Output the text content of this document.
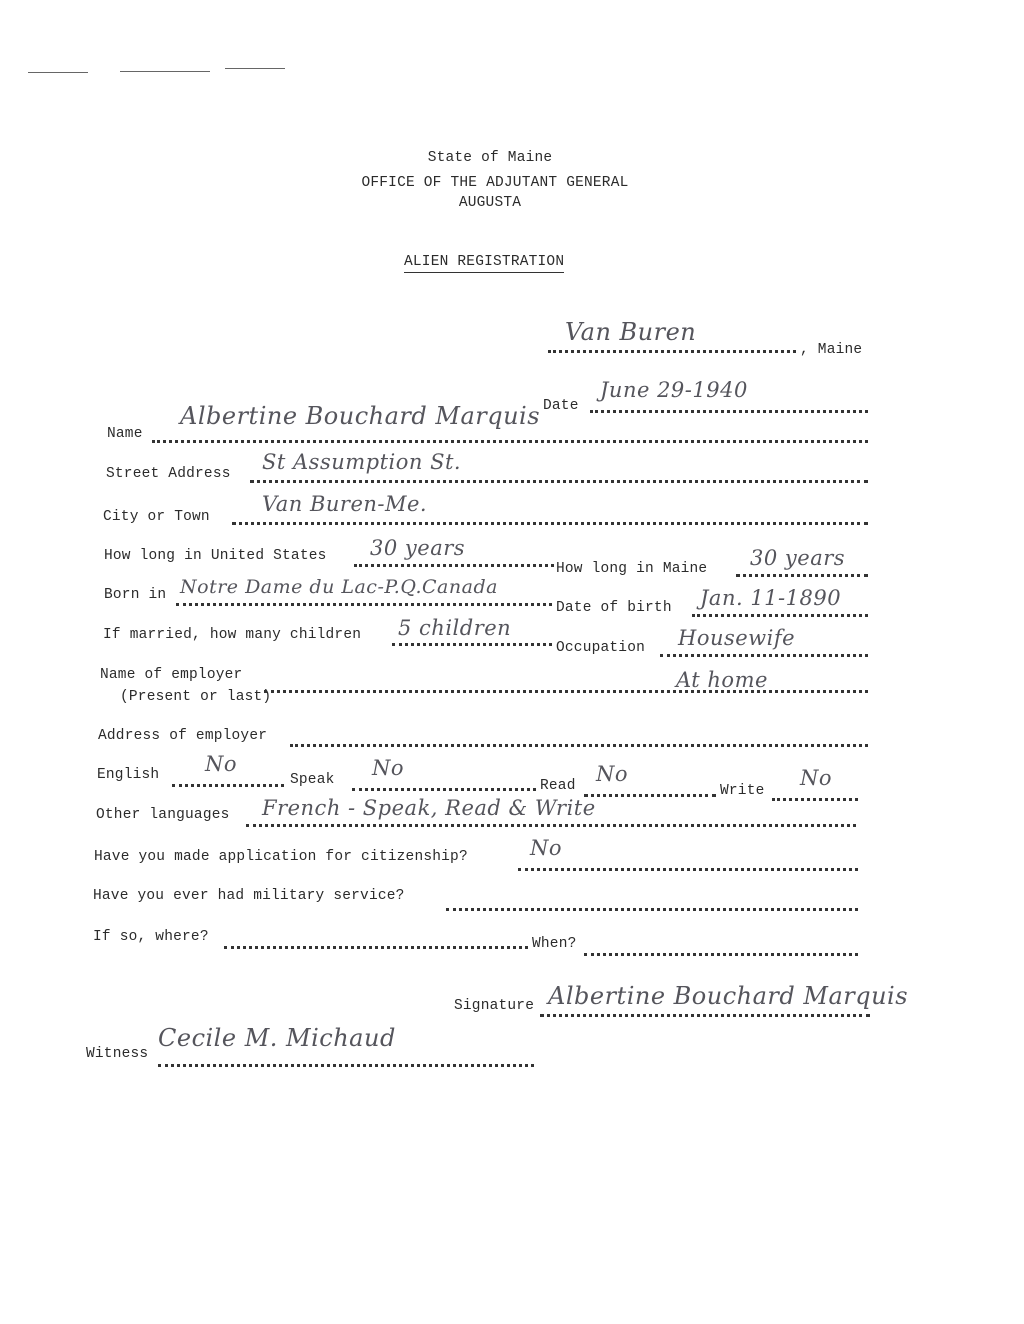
State of Maine
OFFICE OF THE ADJUTANT GENERAL
AUGUSTA
ALIEN REGISTRATION
Van Buren
, Maine
Date
June 29-1940
Name
Albertine Bouchard Marquis
Street Address St Assumption St.
City or Town
Van Buren-Me.
How long in United States 30 years
How long in Maine 30 years
Born in Notre Dame du Lac-P.Q.Canada
Date of birth Jan. 11-1890
If married, how many children 5 children
Occupation Housewife
Name of employer
(Present or last)
At home
Address of employer
English No
Speak No
Read No
Write
No
Other languages French - Speak, Read & Write
Have you made application for citizenship?	No
Have you ever had military service?
If so, where?	When?
Signature Albertine Bouchard Marquis
Witness
Cecile M. Michaud
